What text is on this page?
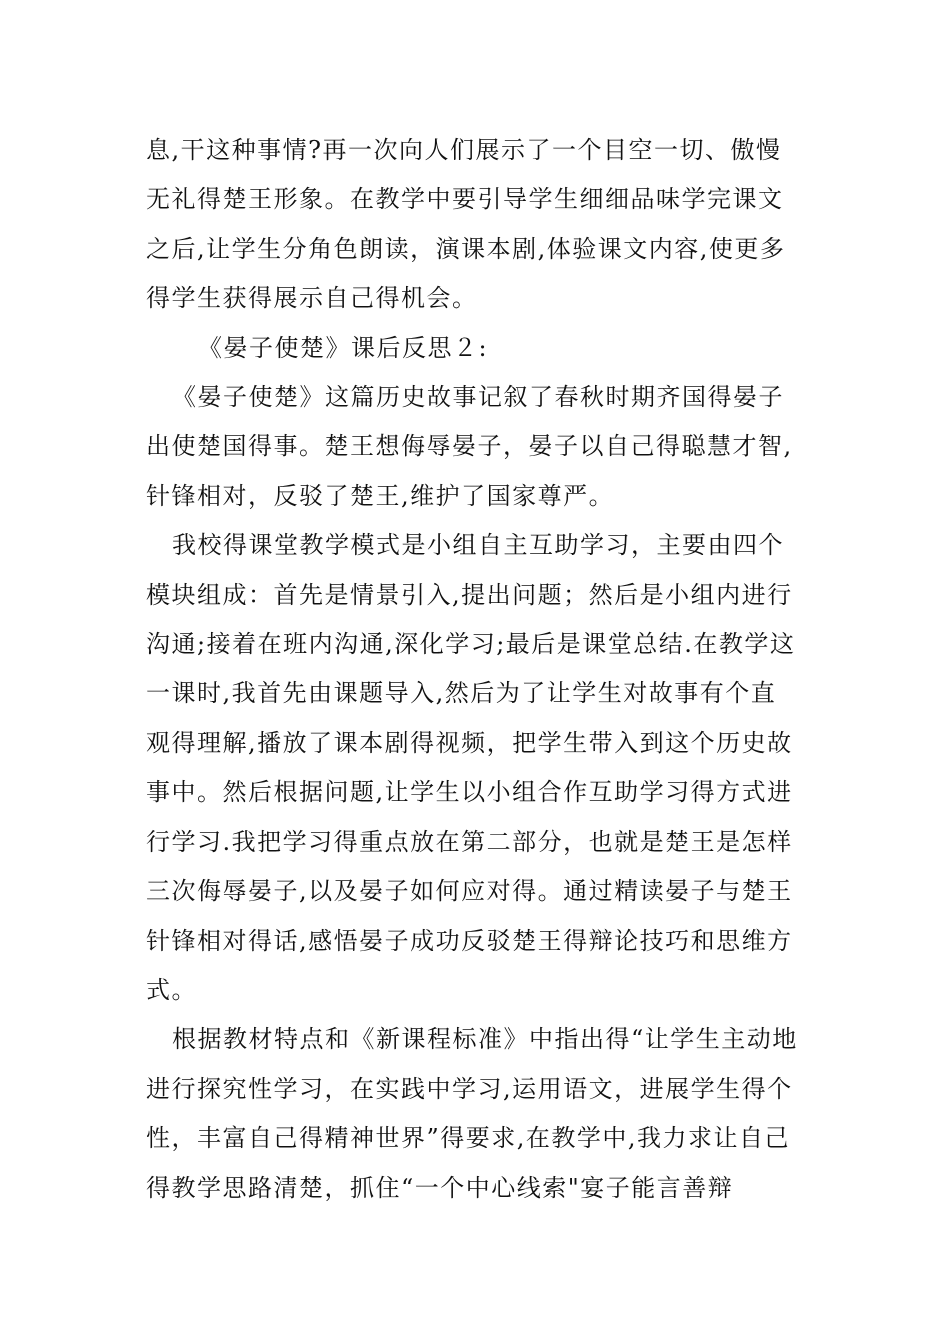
息,干这种事情?再一次向人们展示了一个目空一切、傲慢无礼得楚王形象。在教学中要引导学生细细品味学完课文之后,让学生分角色朗读，演课本剧,体验课文内容,使更多得学生获得展示自己得机会。

《晏子使楚》课后反思２:

《晏子使楚》这篇历史故事记叙了春秋时期齐国得晏子出使楚国得事。楚王想侮辱晏子，晏子以自己得聪慧才智,针锋相对，反驳了楚王,维护了国家尊严。

我校得课堂教学模式是小组自主互助学习，主要由四个模块组成：首先是情景引入,提出问题；然后是小组内进行沟通;接着在班内沟通,深化学习;最后是课堂总结.在教学这一课时,我首先由课题导入,然后为了让学生对故事有个直观得理解,播放了课本剧得视频，把学生带入到这个历史故事中。然后根据问题,让学生以小组合作互助学习得方式进行学习.我把学习得重点放在第二部分，也就是楚王是怎样三次侮辱晏子,以及晏子如何应对得。通过精读晏子与楚王针锋相对得话,感悟晏子成功反驳楚王得辩论技巧和思维方式。

根据教材特点和《新课程标准》中指出得“让学生主动地进行探究性学习，在实践中学习,运用语文，进展学生得个性，丰富自己得精神世界”得要求,在教学中,我力求让自己得教学思路清楚，抓住“一个中心线索"宴子能言善辩
